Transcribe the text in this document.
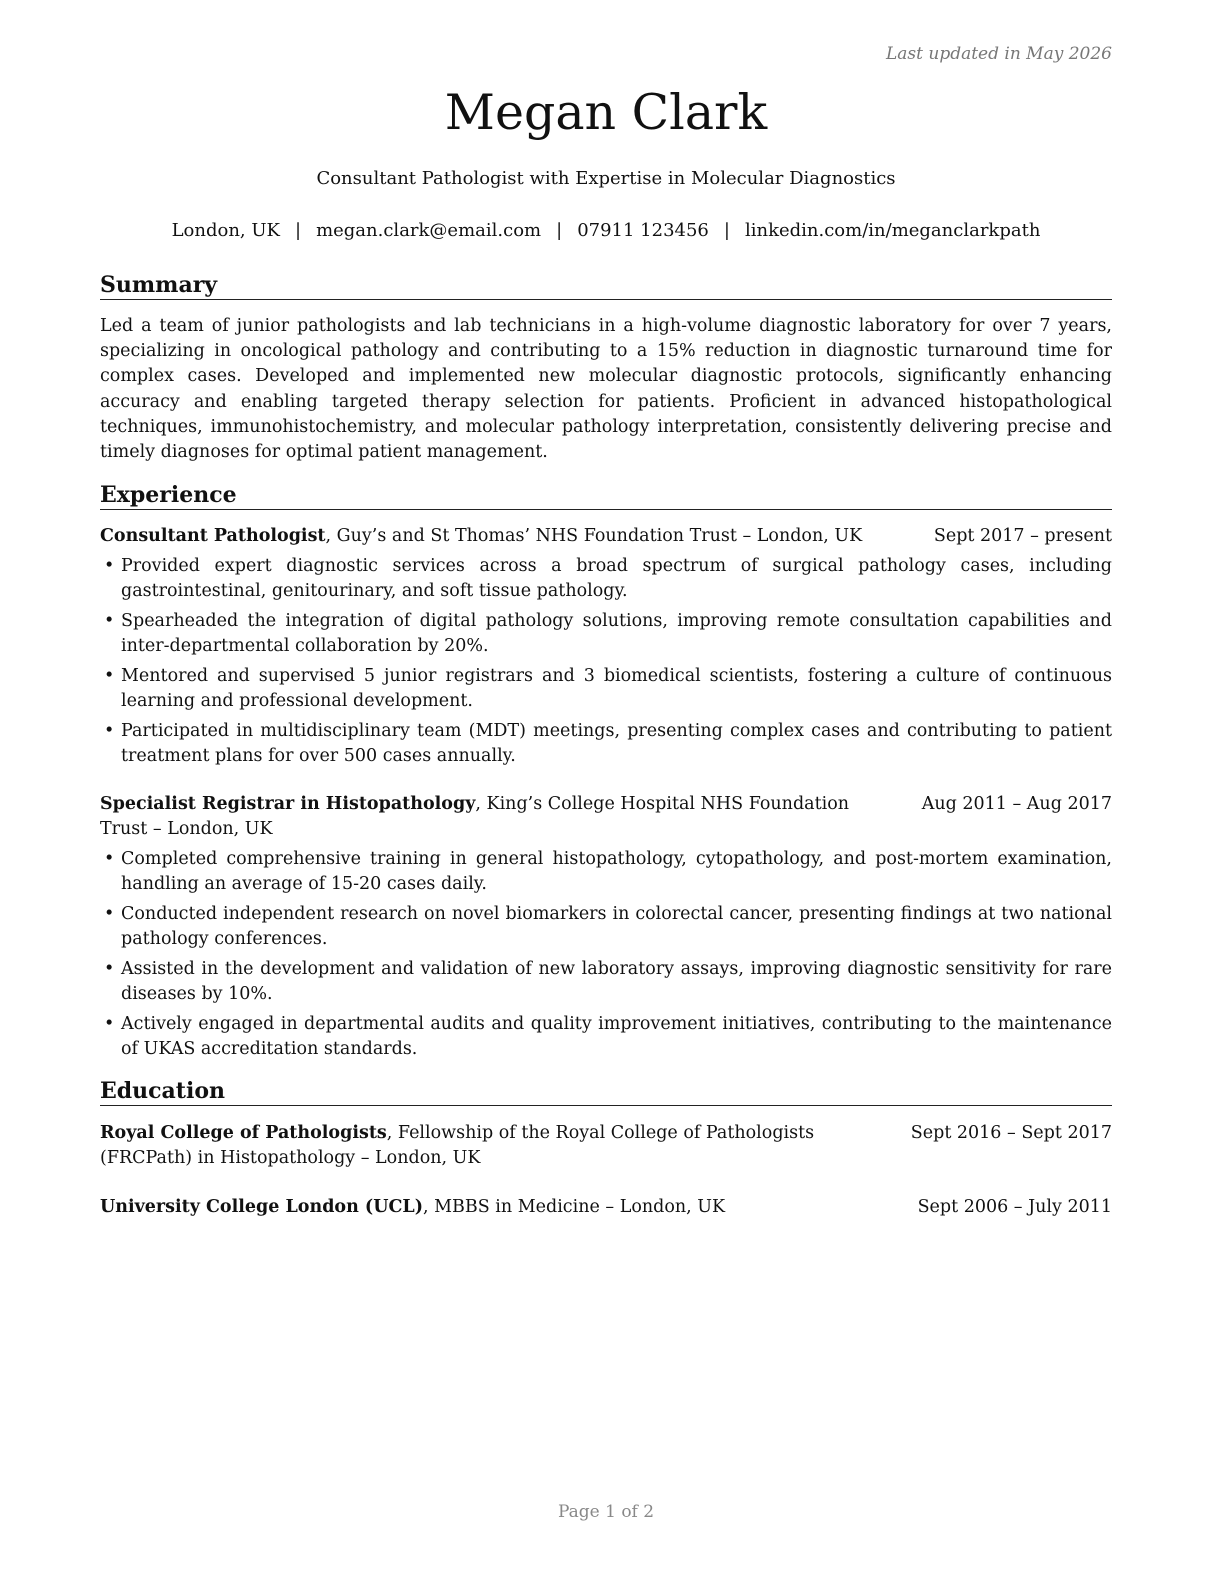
Last updated in May 2026
Megan Clark
Consultant Pathologist with Expertise in Molecular Diagnostics
London, UK | megan.clark@email.com | 07911 123456 | linkedin.com/in/meganclarkpath
Summary
Led a team of junior pathologists and lab technicians in a high-volume diagnostic laboratory for over 7 years, specializing in oncological pathology and contributing to a 15% reduction in diagnostic turnaround time for complex cases. Developed and implemented new molecular diagnostic protocols, significantly enhancing accuracy and enabling targeted therapy selection for patients. Proficient in advanced histopathological techniques, immunohistochemistry, and molecular pathology interpretation, consistently delivering precise and timely diagnoses for optimal patient management.
Experience
Consultant Pathologist, Guy’s and St Thomas’ NHS Foundation Trust – London, UK	Sept 2017 – present
• Provided expert diagnostic services across a broad spectrum of surgical pathology cases, including gastrointestinal, genitourinary, and soft tissue pathology.
• Spearheaded the integration of digital pathology solutions, improving remote consultation capabilities and inter-departmental collaboration by 20%.
• Mentored and supervised 5 junior registrars and 3 biomedical scientists, fostering a culture of continuous learning and professional development.
• Participated in multidisciplinary team (MDT) meetings, presenting complex cases and contributing to patient treatment plans for over 500 cases annually.
Specialist Registrar in Histopathology, King’s College Hospital NHS Foundation Trust – London, UK
Aug 2011 – Aug 2017
• Completed comprehensive training in general histopathology, cytopathology, and post-mortem examination, handling an average of 15-20 cases daily.
• Conducted independent research on novel biomarkers in colorectal cancer, presenting findings at two national pathology conferences.
• Assisted in the development and validation of new laboratory assays, improving diagnostic sensitivity for rare diseases by 10%.
• Actively engaged in departmental audits and quality improvement initiatives, contributing to the maintenance of UKAS accreditation standards.
Education
Royal College of Pathologists, Fellowship of the Royal College of Pathologists (FRCPath) in Histopathology – London, UK
Sept 2016 – Sept 2017
University College London (UCL), MBBS in Medicine – London, UK	Sept 2006 – July 2011
Page 1 of 2
